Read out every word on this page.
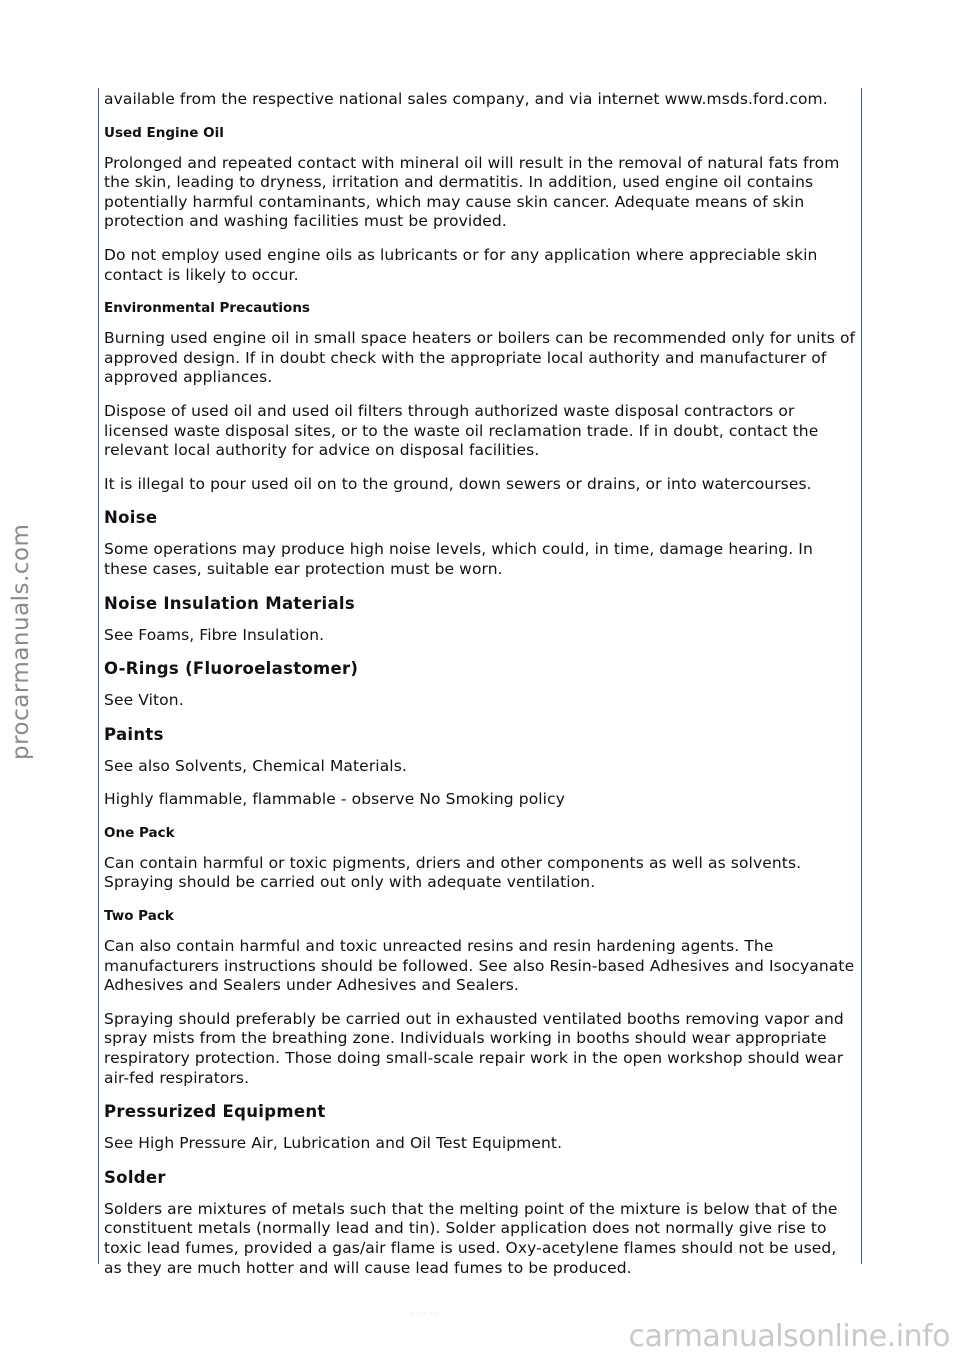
procarmanuals.com

available from the respective national sales company, and via internet www.msds.ford.com.

Used Engine Oil

Prolonged and repeated contact with mineral oil will result in the removal of natural fats from the skin, leading to dryness, irritation and dermatitis. In addition, used engine oil contains potentially harmful contaminants, which may cause skin cancer. Adequate means of skin protection and washing facilities must be provided.

Do not employ used engine oils as lubricants or for any application where appreciable skin contact is likely to occur.

Environmental Precautions

Burning used engine oil in small space heaters or boilers can be recommended only for units of approved design. If in doubt check with the appropriate local authority and manufacturer of approved appliances.

Dispose of used oil and used oil filters through authorized waste disposal contractors or licensed waste disposal sites, or to the waste oil reclamation trade. If in doubt, contact the relevant local authority for advice on disposal facilities.

It is illegal to pour used oil on to the ground, down sewers or drains, or into watercourses.

Noise

Some operations may produce high noise levels, which could, in time, damage hearing. In these cases, suitable ear protection must be worn.

Noise Insulation Materials

See Foams, Fibre Insulation.

O-Rings (Fluoroelastomer)

See Viton.

Paints

See also Solvents, Chemical Materials.

Highly flammable, flammable - observe No Smoking policy

One Pack

Can contain harmful or toxic pigments, driers and other components as well as solvents. Spraying should be carried out only with adequate ventilation.

Two Pack

Can also contain harmful and toxic unreacted resins and resin hardening agents. The manufacturers instructions should be followed. See also Resin-based Adhesives and Isocyanate Adhesives and Sealers under Adhesives and Sealers.

Spraying should preferably be carried out in exhausted ventilated booths removing vapor and spray mists from the breathing zone. Individuals working in booths should wear appropriate respiratory protection. Those doing small-scale repair work in the open workshop should wear air-fed respirators.

Pressurized Equipment

See High Pressure Air, Lubrication and Oil Test Equipment.

Solder

Solders are mixtures of metals such that the melting point of the mixture is below that of the constituent metals (normally lead and tin). Solder application does not normally give rise to toxic lead fumes, provided a gas/air flame is used. Oxy-acetylene flames should not be used, as they are much hotter and will cause lead fumes to be produced.

. . . . .
carmanualsonline.info
